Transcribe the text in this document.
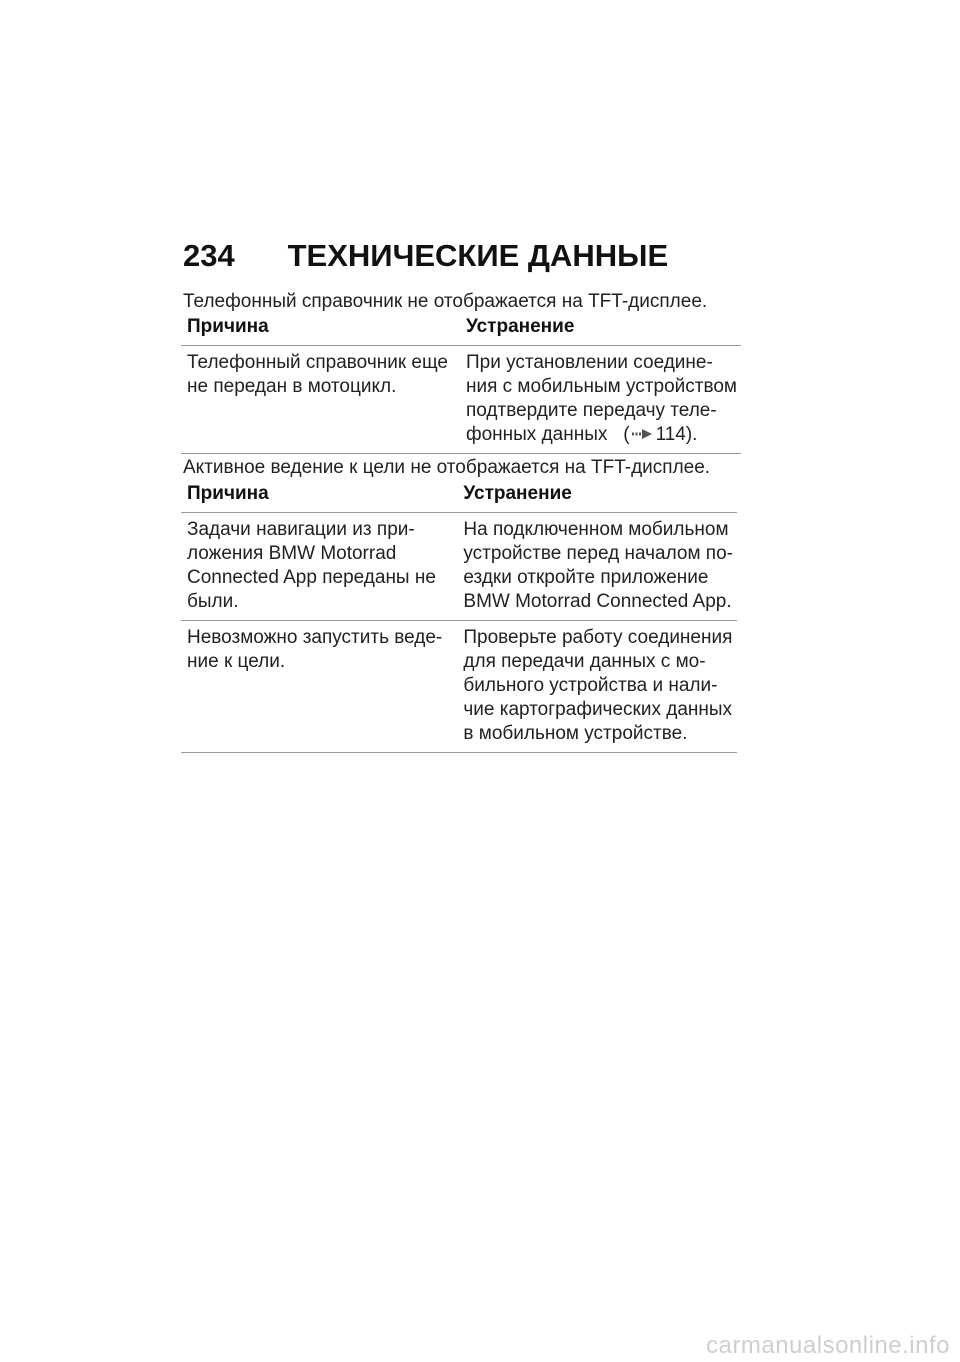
234 ТЕХНИЧЕСКИЕ ДАННЫЕ
Телефонный справочник не отображается на TFT-дисплее.
Причина	Устранение

Телефонный справочник еще
не передан в мотоцикл.	При установлении соедине-
ния с мобильным устройством
подтвердите передачу теле-
фонных данных ( 114).
Активное ведение к цели не отображается на TFT-дисплее.
Причина	Устранение

Задачи навигации из при-
ложения BMW Motorrad
Connected App переданы не
были.	На подключенном мобильном
устройстве перед началом по-
ездки откройте приложение
BMW Motorrad Connected App.

Невозможно запустить веде-
ние к цели.	Проверьте работу соединения
для передачи данных с мо-
бильного устройства и нали-
чие картографических данных
в мобильном устройстве.
carmanualsonline.info
